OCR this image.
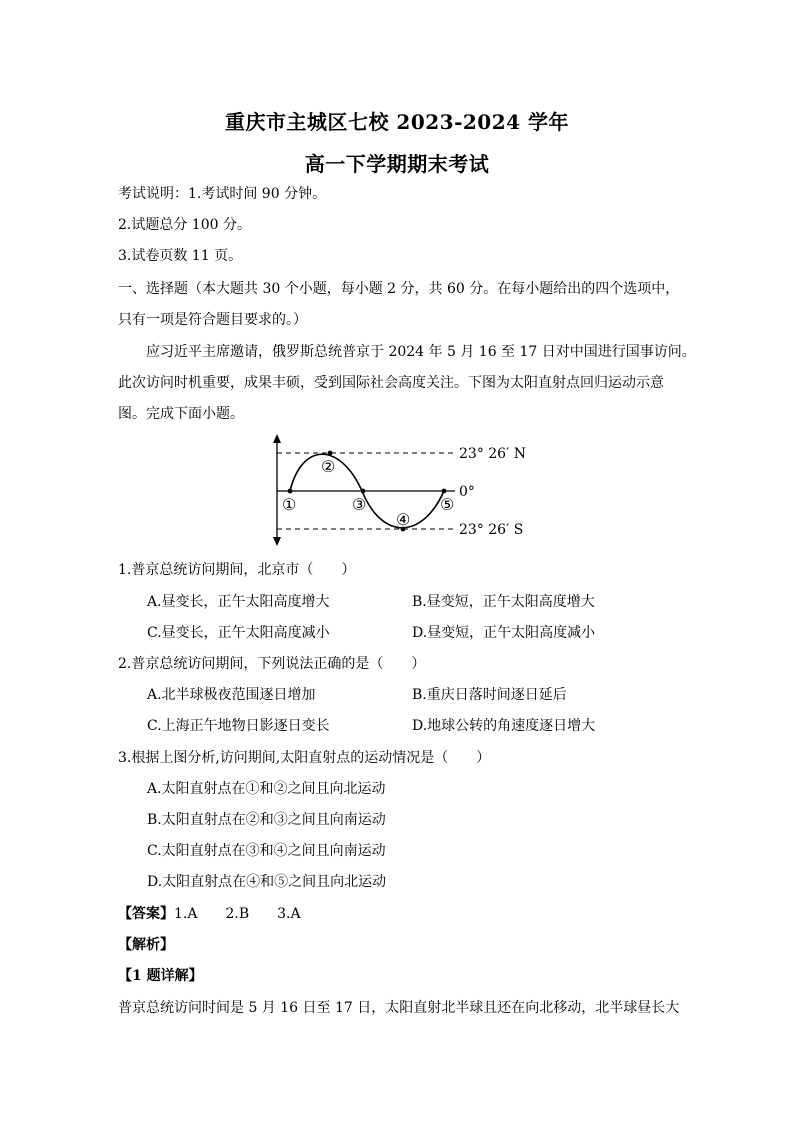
重庆市主城区七校 2023-2024 学年
高一下学期期末考试
考试说明：1.考试时间 90 分钟。
2.试题总分 100 分。
3.试卷页数 11 页。
一、选择题（本大题共 30 个小题，每小题 2 分，共 60 分。在每小题给出的四个选项中，
只有一项是符合题目要求的。）
应习近平主席邀请，俄罗斯总统普京于 2024 年 5 月 16 至 17 日对中国进行国事访问。
此次访问时机重要，成果丰硕，受到国际社会高度关注。下图为太阳直射点回归运动示意
图。完成下面小题。
①
②
③
④
⑤
23° 26′ N
0°
23° 26′ S
1.普京总统访问期间，北京市（　　）
A.昼变长，正午太阳高度增大	B.昼变短，正午太阳高度增大
C.昼变长，正午太阳高度减小	D.昼变短，正午太阳高度减小
2.普京总统访问期间，下列说法正确的是（　　）
A.北半球极夜范围逐日增加	B.重庆日落时间逐日延后
C.上海正午地物日影逐日变长	D.地球公转的角速度逐日增大
3.根据上图分析,访问期间,太阳直射点的运动情况是（　　）
A.太阳直射点在①和②之间且向北运动
B.太阳直射点在②和③之间且向南运动
C.太阳直射点在③和④之间且向南运动
D.太阳直射点在④和⑤之间且向北运动
【答案】1.A　　2.B　　3.A
【解析】
【1 题详解】
普京总统访问时间是 5 月 16 日至 17 日，太阳直射北半球且还在向北移动，北半球昼长大
